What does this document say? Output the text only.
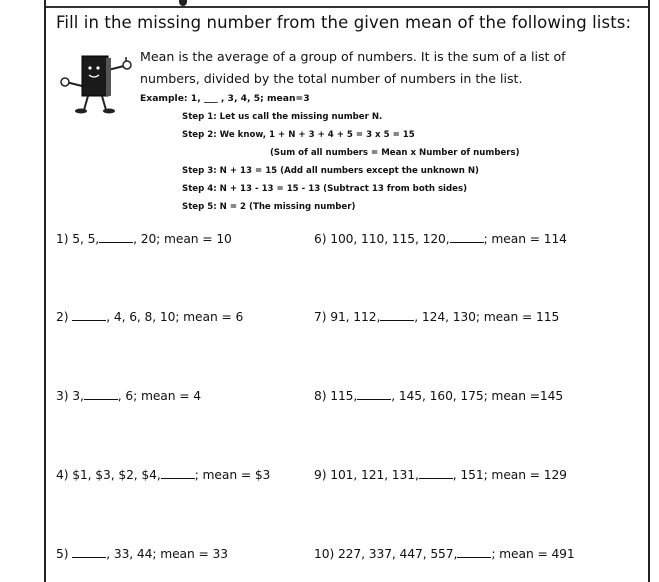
Fill in the missing number from the given mean of the following lists:
Mean is the average of a group of numbers. It is the sum of a list of
numbers, divided by the total number of numbers in the list.
Example: 1, ___ , 3, 4, 5; mean=3
Step 1: Let us call the missing number N.
Step 2: We know, 1 + N + 3 + 4 + 5 = 3 x 5 = 15
(Sum of all numbers = Mean x Number of numbers)
Step 3: N + 13 = 15 (Add all numbers except the unknown N)
Step 4: N + 13 - 13 = 15 - 13 (Subtract 13 from both sides)
Step 5: N = 2 (The missing number)
1) 5, 5,	, 20; mean = 10
2)	, 4, 6, 8, 10; mean = 6
3) 3,	, 6; mean = 4
4) $1, $3, $2, $4,	; mean = $3
5)	, 33, 44; mean = 33
6) 100, 110, 115, 120,	; mean = 114
7) 91, 112,	, 124, 130; mean = 115
8) 115,	, 145, 160, 175; mean =145
9) 101, 121, 131,	, 151; mean = 129
10) 227, 337, 447, 557,	; mean = 491
